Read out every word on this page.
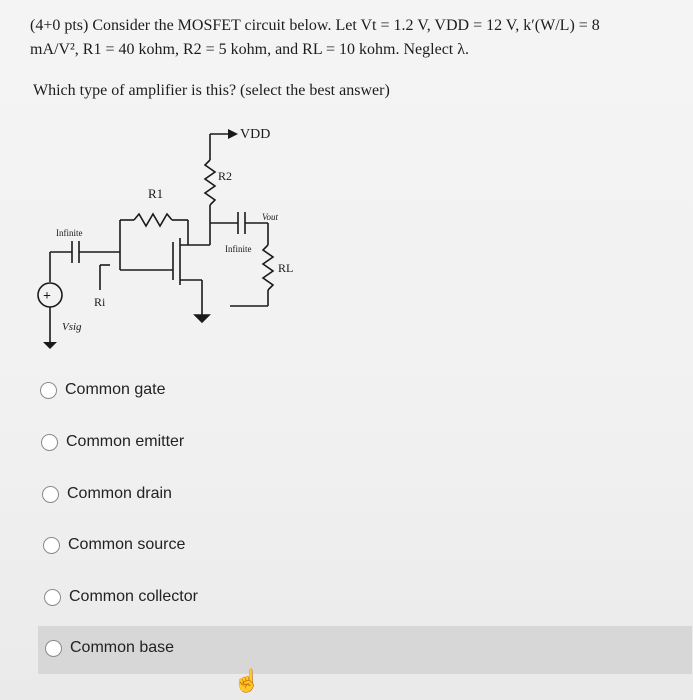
(4+0 pts) Consider the MOSFET circuit below. Let Vt = 1.2 V, VDD = 12 V, k′(W/L) = 8

mA/V², R1 = 40 kohm, R2 = 5 kohm, and RL = 10 kohm. Neglect λ.

Which type of amplifier is this? (select the best answer)
VDD
R2
R1
Vout
Infinite
Infinite
RL
Ri
+
Vsig
Common gate
Common emitter
Common drain
Common source
Common collector
Common base
☝
